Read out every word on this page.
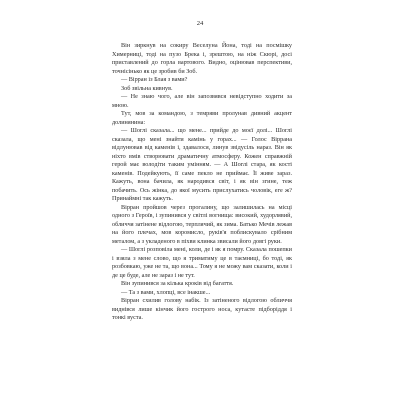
24

Він зиркнув на сокиру Веселуна Йона, тоді на посмішку Химерниці, тоді на пузо Брека і, зрештою, на ніж Скюрі, досі приставлений до горла вартового. Видно, оцінював перспективи, точнісінько як це зробив би Зоб.

— Вірран із Блая з вами?

Зоб звільна кивнув.

— Не знаю чого, але він запозвявся невідступно ходити за мною.

Тут, мов за командою, з темряви пролунав дивний акцент долинянина:

— Шоглі сказала... що мене... прийде до моєї долі... Шоглі сказала, що мені знайти камінь у горах... — Голос Віррана відлунював від каменів і, здавалося, линув звідусіль нараз. Він як ніхто вмів створювати драматичну атмосферу. Кожен справжній герой має володіти таким умінням. — А Шоглі стара, як кості каменів. Подейкують, її саме пекло не приймає. Її живе зараз. Кажуть, вона бачила, як народився світ, і як він згине, теж побачить. Ось жінка, до якої мусить прислухатись чоловік, еге ж? Принаймні так кажуть.

Вірран пройшов через прогалину, що залишилась на місці одного з Героїв, і зупинився у світлі вогнища: високий, худорлявий, обличчя затінене відлогою, терплячий, як зима. Батько Мечів лежав на його плечах, мов коромисло, руків'я поблискувало срібним металом, а з укладеного в піхви клинка звисали його довгі руки.

— Шоглі розповіла мені, коли, де і як я помру. Сказала пошепки і взяла з мене слово, що я триматиму це в таємниці, бо тоді, як розбовкаю, уже не та, що вона... Тому я не можу вам сказати, коли і де це буде, але не зараз і не тут.

Він зупинився за кілька кроків від багаття.

— Та з вами, хлопці, все інакше...

Вірран схилив голову набік. Із затіненого відлогою обличчя виднівся лише кінчик його гострого носа, кутасте підборіддя і тонкі вуста.
